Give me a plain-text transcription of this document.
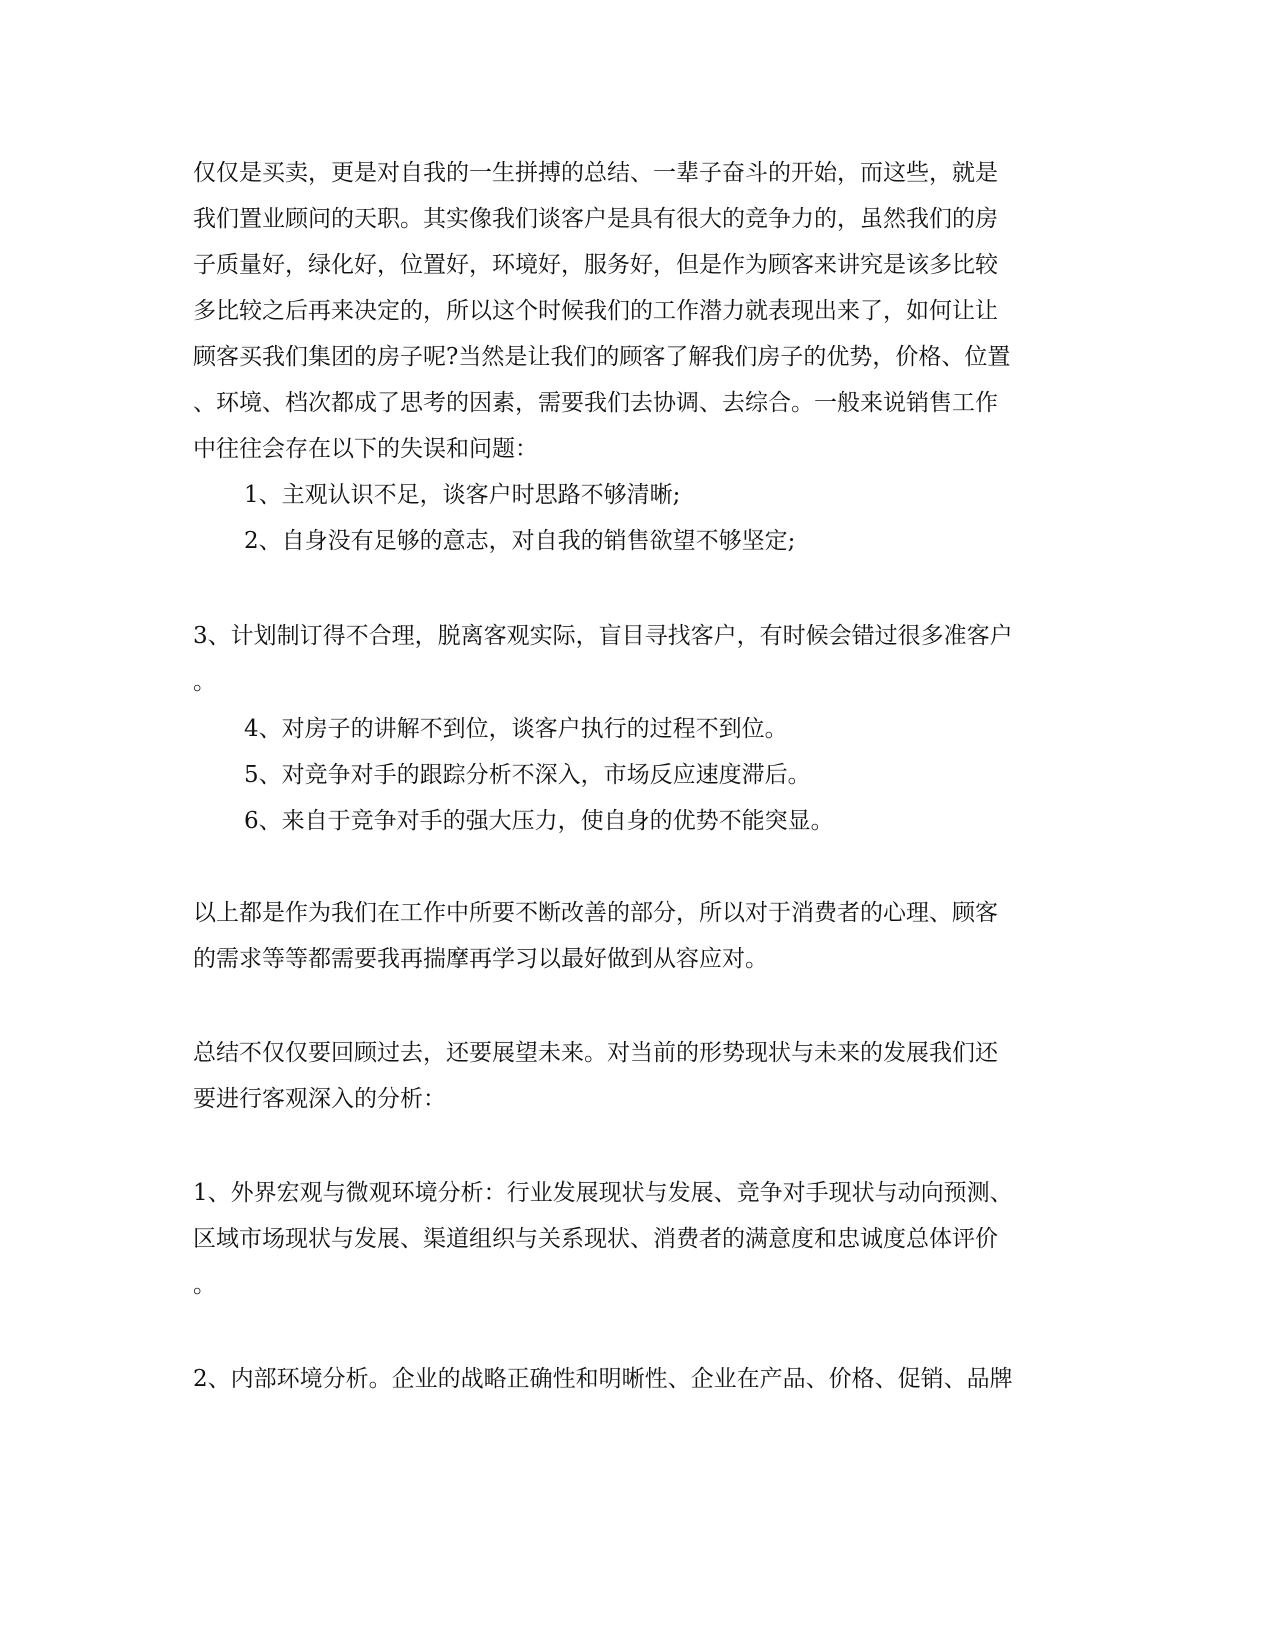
仅仅是买卖，更是对自我的一生拼搏的总结、一辈子奋斗的开始，而这些，就是
我们置业顾问的天职。其实像我们谈客户是具有很大的竞争力的，虽然我们的房
子质量好，绿化好，位置好，环境好，服务好，但是作为顾客来讲究是该多比较
多比较之后再来决定的，所以这个时候我们的工作潜力就表现出来了，如何让让
顾客买我们集团的房子呢?当然是让我们的顾客了解我们房子的优势，价格、位置
、环境、档次都成了思考的因素，需要我们去协调、去综合。一般来说销售工作
中往往会存在以下的失误和问题：
1、主观认识不足，谈客户时思路不够清晰;
2、自身没有足够的意志，对自我的销售欲望不够坚定;
3、计划制订得不合理，脱离客观实际，盲目寻找客户，有时候会错过很多准客户
。
4、对房子的讲解不到位，谈客户执行的过程不到位。
5、对竞争对手的跟踪分析不深入，市场反应速度滞后。
6、来自于竞争对手的强大压力，使自身的优势不能突显。
以上都是作为我们在工作中所要不断改善的部分，所以对于消费者的心理、顾客
的需求等等都需要我再揣摩再学习以最好做到从容应对。
总结不仅仅要回顾过去，还要展望未来。对当前的形势现状与未来的发展我们还
要进行客观深入的分析：
1、外界宏观与微观环境分析：行业发展现状与发展、竞争对手现状与动向预测、
区域市场现状与发展、渠道组织与关系现状、消费者的满意度和忠诚度总体评价
。
2、内部环境分析。企业的战略正确性和明晰性、企业在产品、价格、促销、品牌
